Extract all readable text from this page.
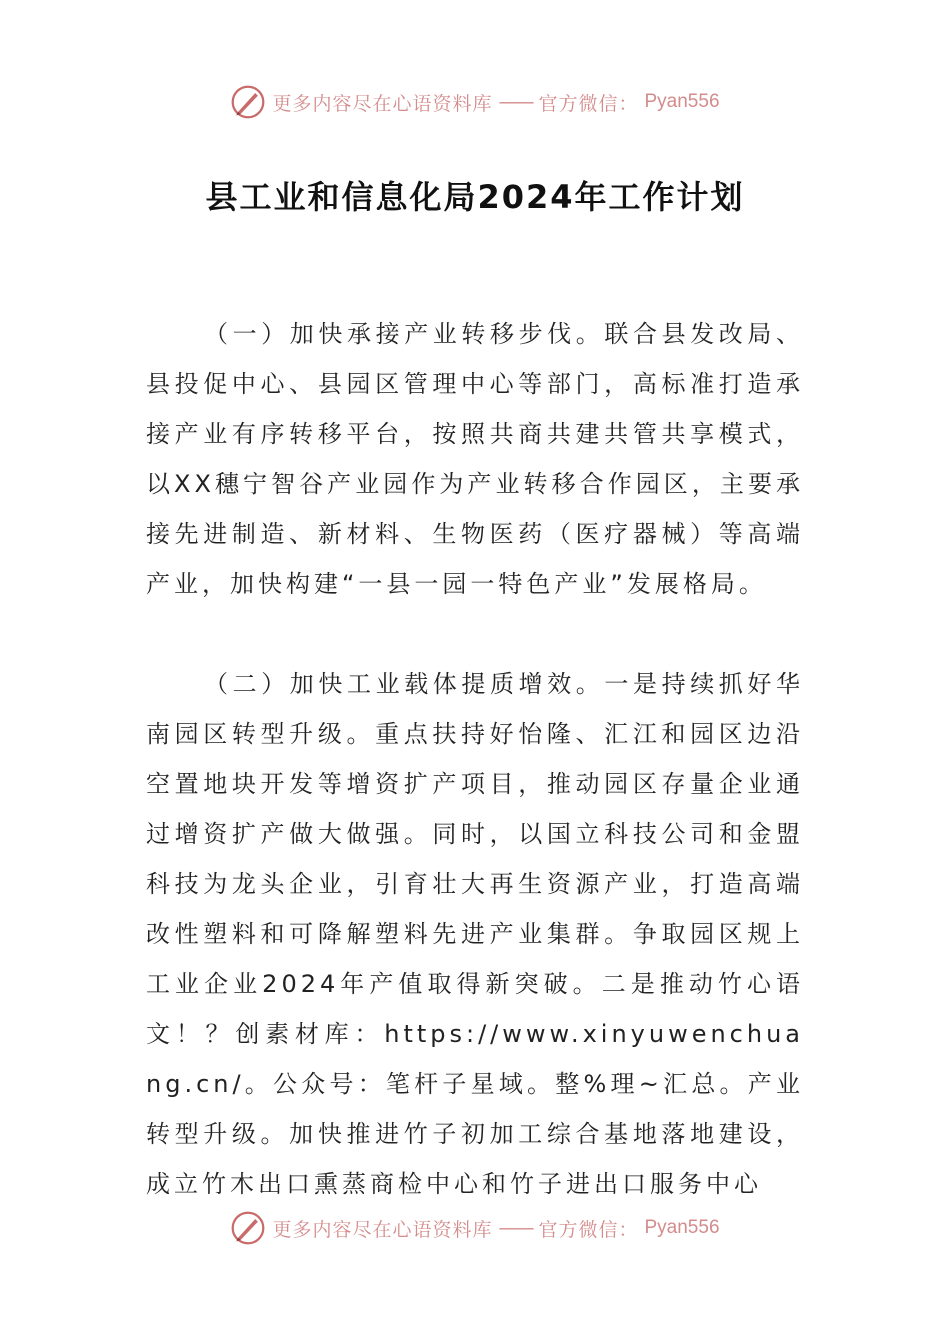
更多内容尽在心语资料库 —— 官方微信： Pyan556
县工业和信息化局2024年工作计划

（一）加快承接产业转移步伐。联合县发改局、县投促中心、县园区管理中心等部门，高标准打造承接产业有序转移平台，按照共商共建共管共享模式，以XX穗宁智谷产业园作为产业转移合作园区，主要承接先进制造、新材料、生物医药（医疗器械）等高端产业，加快构建“一县一园一特色产业”发展格局。

（二）加快工业载体提质增效。一是持续抓好华南园区转型升级。重点扶持好怡隆、汇江和园区边沿空置地块开发等增资扩产项目，推动园区存量企业通过增资扩产做大做强。同时，以国立科技公司和金盟科技为龙头企业，引育壮大再生资源产业，打造高端改性塑料和可降解塑料先进产业集群。争取园区规上工业企业2024年产值取得新突破。二是推动竹心语文！？创素材库：https://www.xinyuwenchuang.cn/。公众号：笔杆子星域。整%理~汇总。产业转型升级。加快推进竹子初加工综合基地落地建设，成立竹木出口熏蒸商检中心和竹子进出口服务中心

更多内容尽在心语资料库 —— 官方微信： Pyan556
